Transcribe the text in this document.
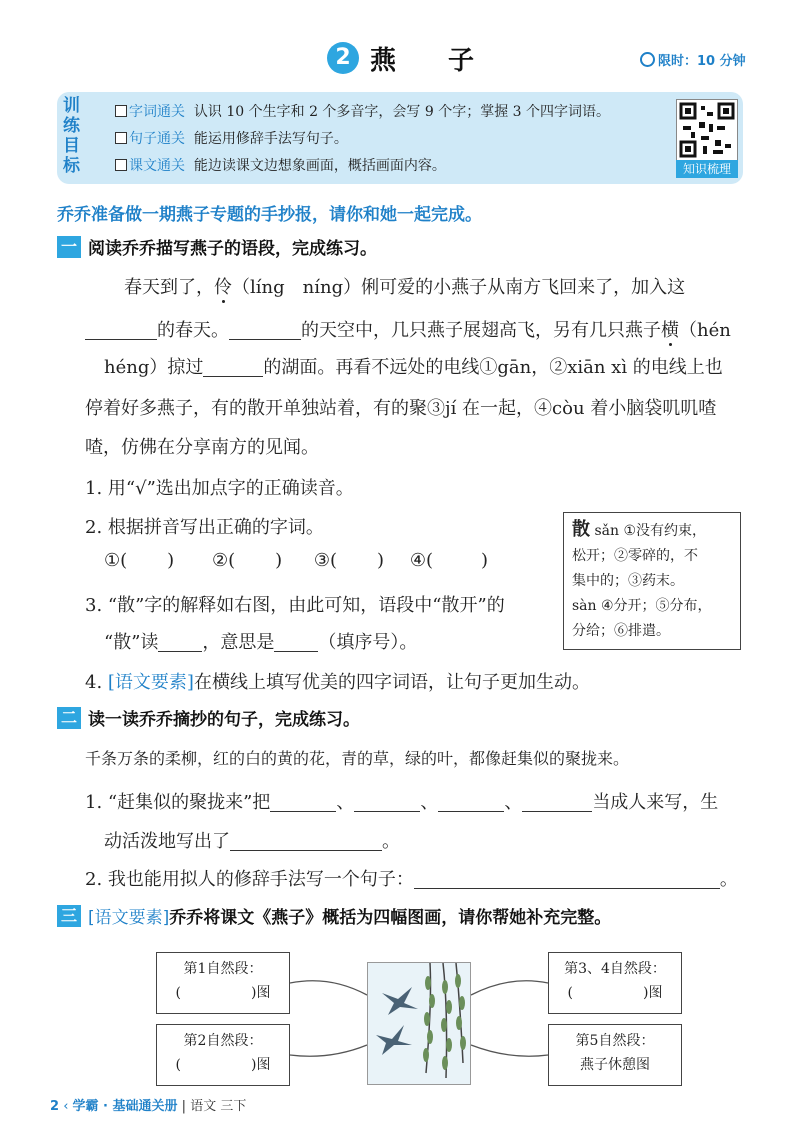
2 燕子	限时：10 分钟
训练目标
字词通关 认识 10 个生字和 2 个多音字，会写 9 个字；掌握 3 个四字词语。
句子通关 能运用修辞手法写句子。
课文通关 能边读课文边想象画面，概括画面内容。	知识梳理
乔乔准备做一期燕子专题的手抄报，请你和她一起完成。
一 阅读乔乔描写燕子的语段，完成练习。
春天到了，伶（líng　níng）俐可爱的小燕子从南方飞回来了，加入这
的春天。	的天空中，几只燕子展翅高飞，另有几只燕子横（hén
héng）掠过	的湖面。再看不远处的电线①gān，②xiān xì 的电线上也
停着好多燕子，有的散开单独站着，有的聚③jí 在一起，④còu 着小脑袋叽叽喳
喳，仿佛在分享南方的见闻。
1. 用“√”选出加点字的正确读音。
2. 根据拼音写出正确的字词。
①( ) ②( ) ③( ) ④(	)
3. “散”字的解释如右图，由此可知，语段中“散开”的
“散”读 ，意思是 （填序号）。
4. [语文要素]在横线上填写优美的四字词语，让句子更加生动。
散 sǎn ①没有约束，
松开；②零碎的，不
集中的；③药末。
sàn ④分开；⑤分布，
分给；⑥排遣。
二 读一读乔乔摘抄的句子，完成练习。
千条万条的柔柳，红的白的黄的花，青的草，绿的叶，都像赶集似的聚拢来。
1. “赶集似的聚拢来”把	、	、	、	当成人来写，生
动活泼地写出了	。
2. 我也能用拟人的修辞手法写一个句子：	。
三 [语文要素]乔乔将课文《燕子》概括为四幅图画，请你帮她补充完整。
第1自然段：
(	)图
第2自然段：
(	)图
第3、4自然段：
(	)图
第5自然段：
燕子休憩图
2 ‹ 学霸 · 基础通关册 | 语文 三下
